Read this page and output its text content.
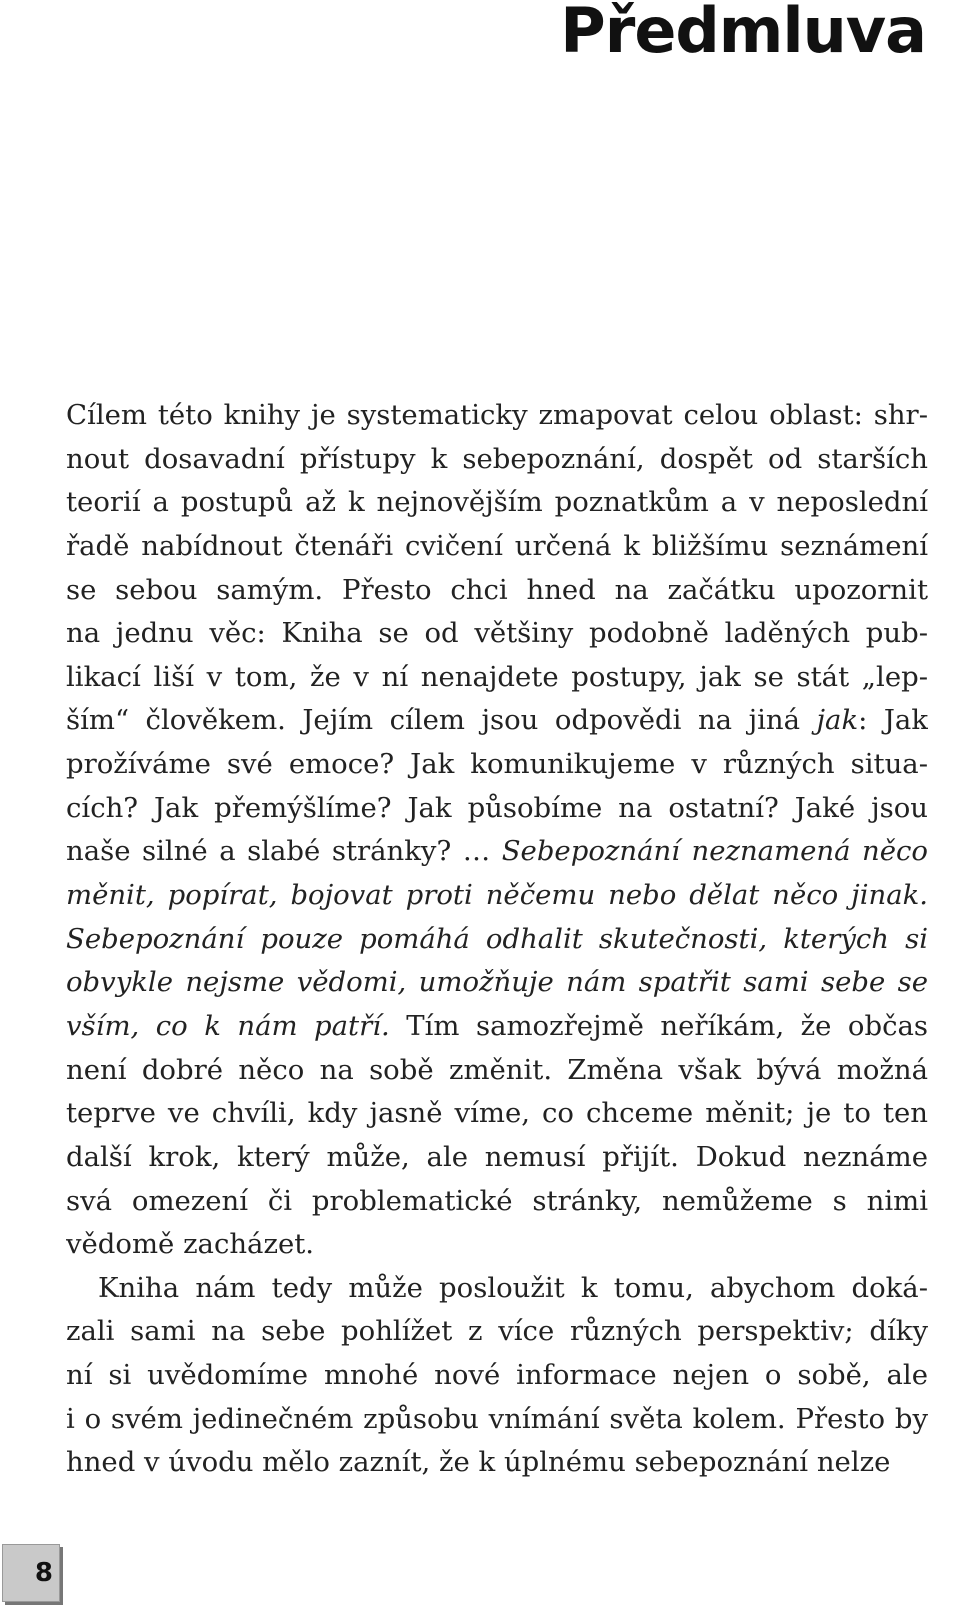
Předmluva
Cílem této knihy je systematicky zmapovat celou oblast: shr-
nout dosavadní přístupy k sebepoznání, dospět od starších
teorií a postupů až k nejnovějším poznatkům a v neposlední
řadě nabídnout čtenáři cvičení určená k bližšímu seznámení
se sebou samým. Přesto chci hned na začátku upozornit
na jednu věc: Kniha se od většiny podobně laděných pub-
likací liší v tom, že v ní nenajdete postupy, jak se stát „lep-
ším“ člověkem. Jejím cílem jsou odpovědi na jiná jak: Jak
prožíváme své emoce? Jak komunikujeme v různých situa-
cích? Jak přemýšlíme? Jak působíme na ostatní? Jaké jsou
naše silné a slabé stránky? … Sebepoznání neznamená něco
měnit, popírat, bojovat proti něčemu nebo dělat něco jinak.
Sebepoznání pouze pomáhá odhalit skutečnosti, kterých si
obvykle nejsme vědomi, umožňuje nám spatřit sami sebe se
vším, co k nám patří. Tím samozřejmě neříkám, že občas
není dobré něco na sobě změnit. Změna však bývá možná
teprve ve chvíli, kdy jasně víme, co chceme měnit; je to ten
další krok, který může, ale nemusí přijít. Dokud neznáme
svá omezení či problematické stránky, nemůžeme s nimi
vědomě zacházet.
Kniha nám tedy může posloužit k tomu, abychom doká-
zali sami na sebe pohlížet z více různých perspektiv; díky
ní si uvědomíme mnohé nové informace nejen o sobě, ale
i o svém jedinečném způsobu vnímání světa kolem. Přesto by
hned v úvodu mělo zaznít, že k úplnému sebepoznání nelze
8
